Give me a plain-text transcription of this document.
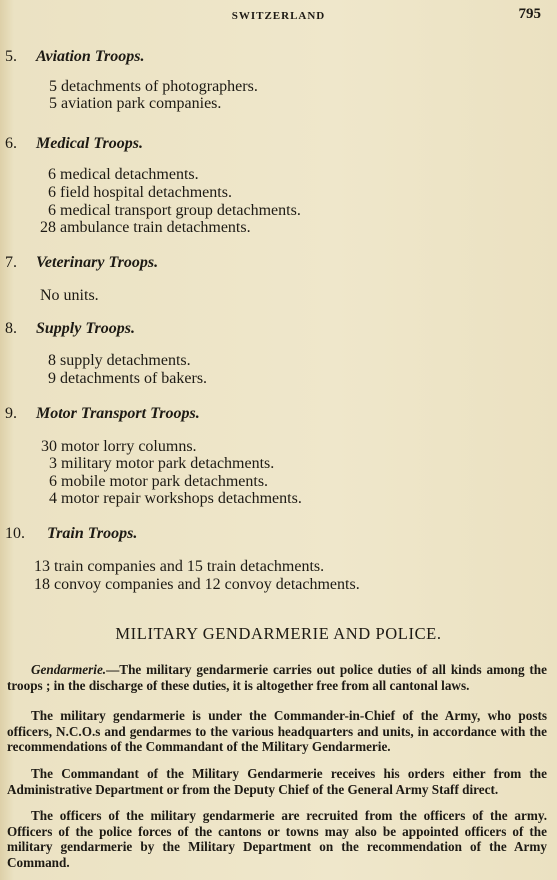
SWITZERLAND	795
5. Aviation Troops.
5 detachments of photographers.
5 aviation park companies.
6. Medical Troops.
6 medical detachments.
6 field hospital detachments.
6 medical transport group detachments.
28 ambulance train detachments.
7. Veterinary Troops.
No units.
8. Supply Troops.
8 supply detachments.
9 detachments of bakers.
9. Motor Transport Troops.
30 motor lorry columns.
3 military motor park detachments.
6 mobile motor park detachments.
4 motor repair workshops detachments.
10. Train Troops.
13 train companies and 15 train detachments.
18 convoy companies and 12 convoy detachments.
MILITARY GENDARMERIE AND POLICE.
Gendarmerie.—The military gendarmerie carries out police duties of all kinds among the troops ; in the discharge of these duties, it is altogether free from all cantonal laws.
The military gendarmerie is under the Commander-in-Chief of the Army, who posts officers, N.C.O.s and gendarmes to the various headquarters and units, in accordance with the recommendations of the Commandant of the Military Gendarmerie.
The Commandant of the Military Gendarmerie receives his orders either from the Administrative Department or from the Deputy Chief of the General Army Staff direct.
The officers of the military gendarmerie are recruited from the officers of the army. Officers of the police forces of the cantons or towns may also be appointed officers of the military gendarmerie by the Military Department on the recommendation of the Army Command.
